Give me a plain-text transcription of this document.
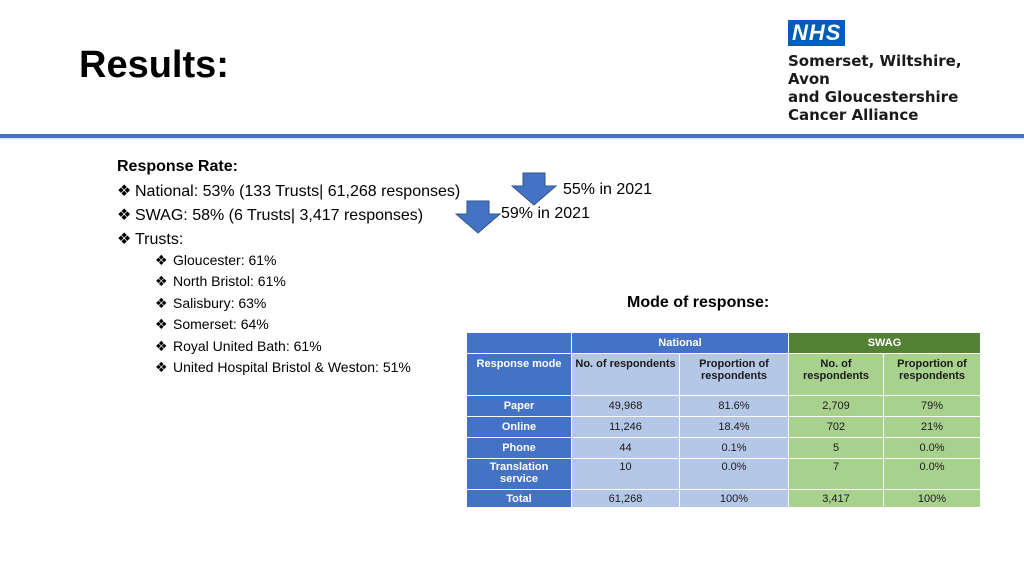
Results:
NHS
Somerset, Wiltshire, Avon
and Gloucestershire
Cancer Alliance
Response Rate:
❖ National: 53% (133 Trusts| 61,268 responses)	55% in 2021
❖ SWAG: 58% (6 Trusts| 3,417 responses)	59% in 2021
❖ Trusts:
❖ Gloucester: 61%
❖ North Bristol: 61%
❖ Salisbury: 63%
❖ Somerset: 64%
❖ Royal United Bath: 61%
❖ United Hospital Bristol & Weston: 51%
Mode of response:
	National		SWAG	
Response mode	No. of respondents	Proportion of respondents	No. of respondents	Proportion of respondents
Paper	49,968	81.6%	2,709	79%
Online	11,246	18.4%	702	21%
Phone	44	0.1%	5	0.0%
Translation service	10	0.0%	7	0.0%
Total	61,268	100%	3,417	100%
